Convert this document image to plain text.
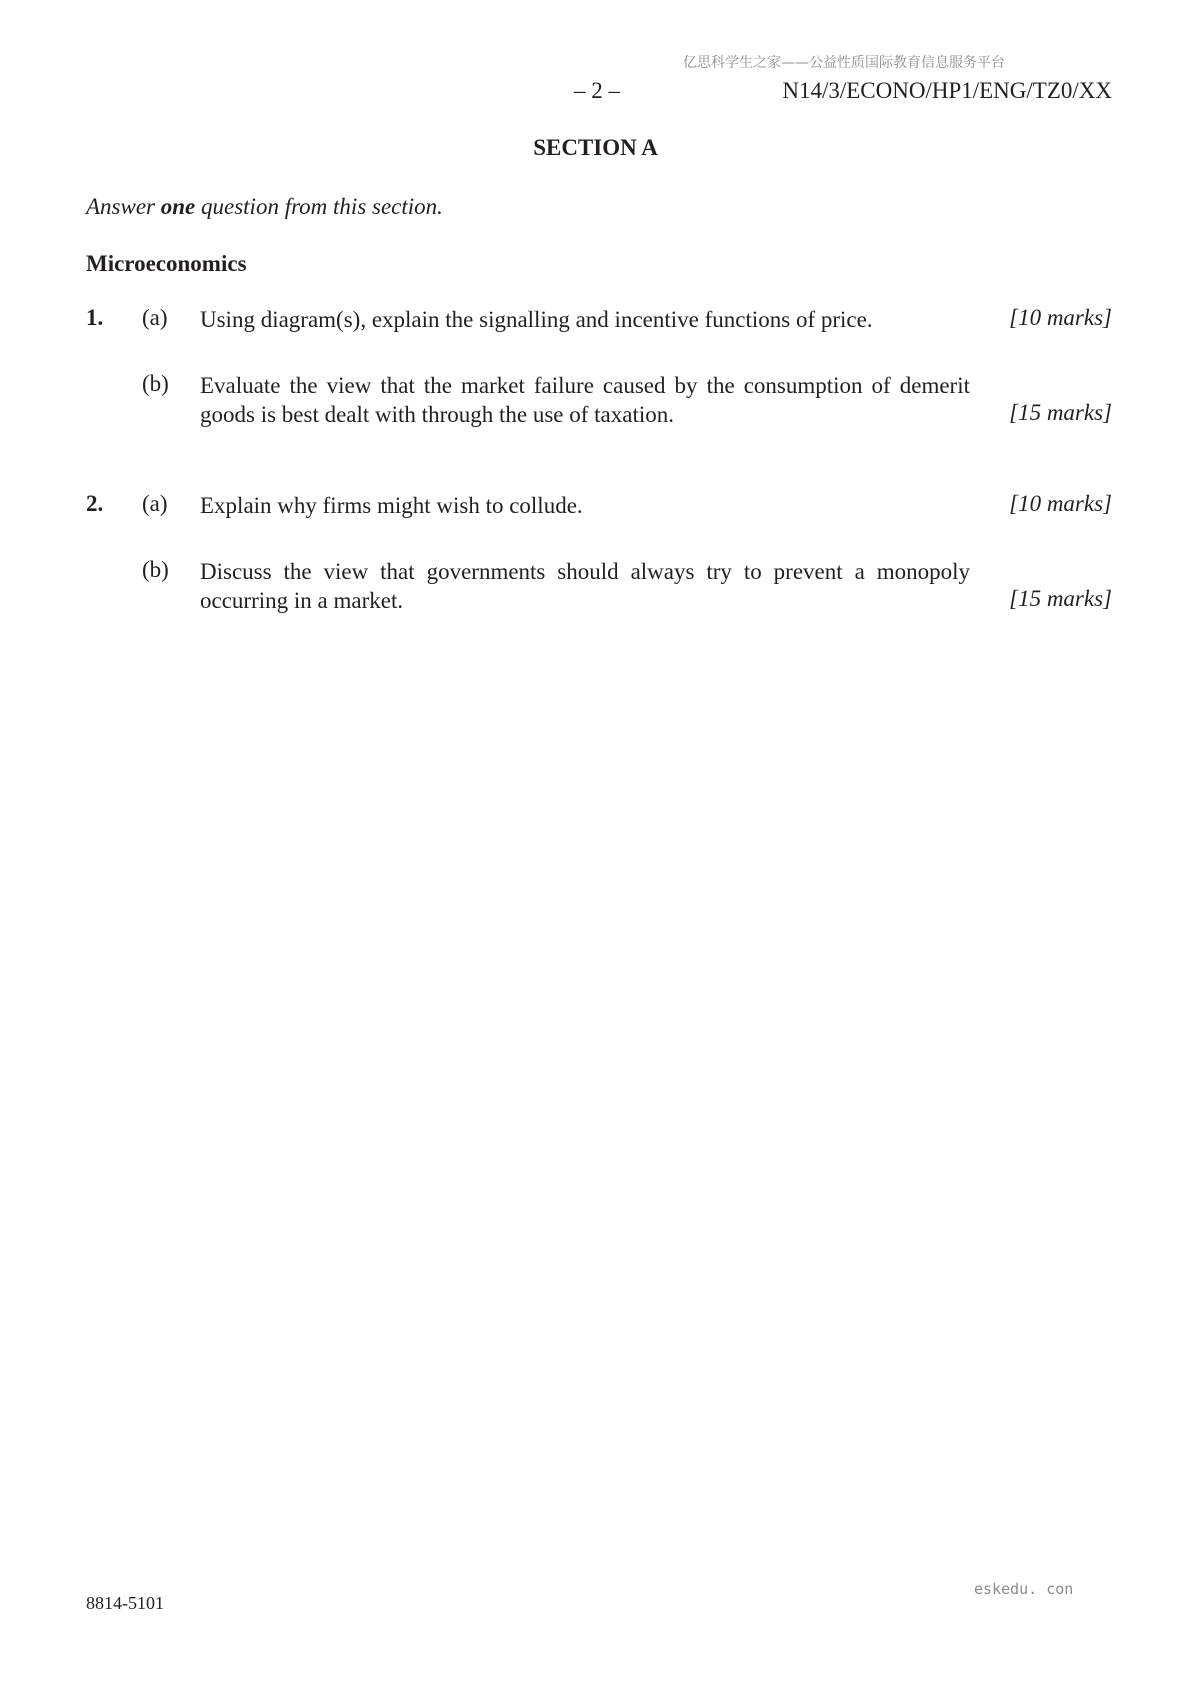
亿思科学生之家——公益性质国际教育信息服务平台
– 2 –	N14/3/ECONO/HP1/ENG/TZ0/XX
SECTION A
Answer one question from this section.
Microeconomics
1. (a) Using diagram(s), explain the signalling and incentive functions of price.	[10 marks]
(b) Evaluate the view that the market failure caused by the consumption of demerit goods is best dealt with through the use of taxation.	[15 marks]
2. (a) Explain why firms might wish to collude.	[10 marks]
(b) Discuss the view that governments should always try to prevent a monopoly occurring in a market.	[15 marks]
8814-5101
eskedu. con
